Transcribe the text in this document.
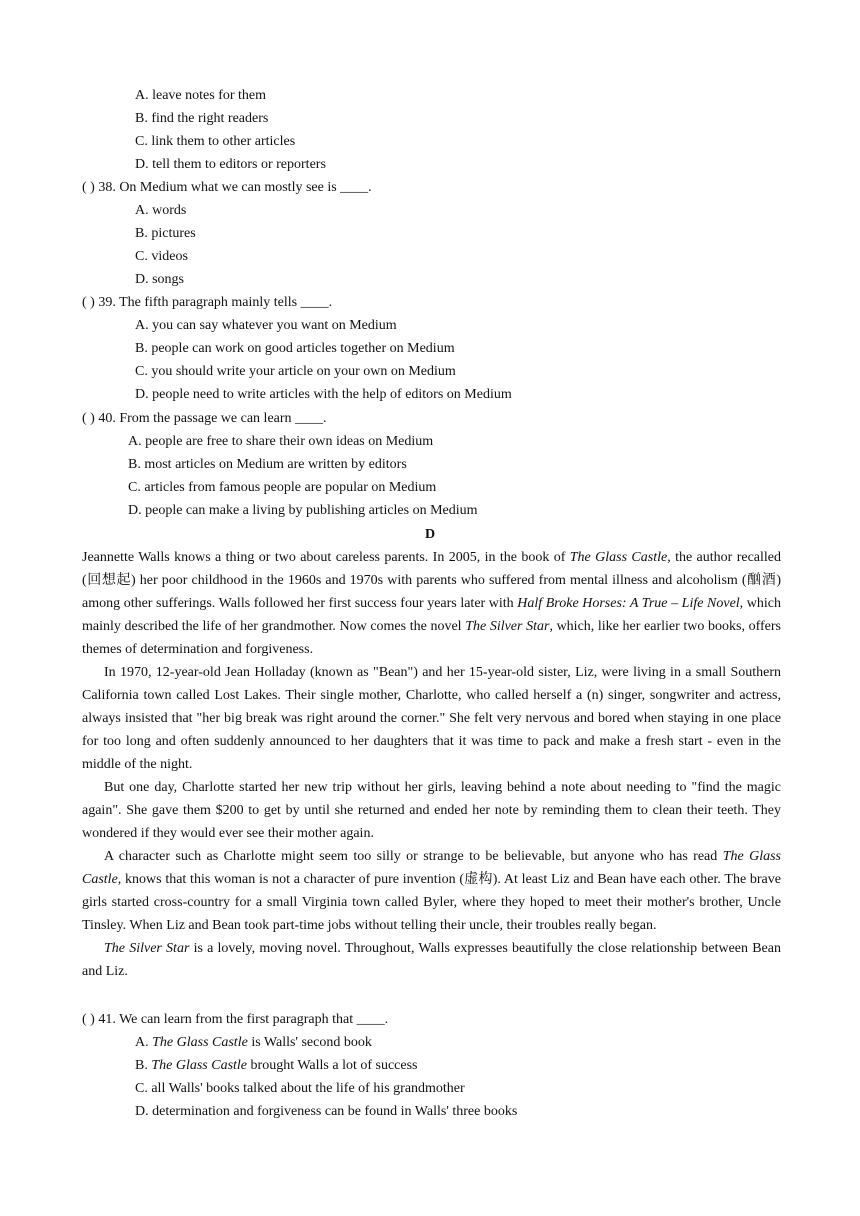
A. leave notes for them
B. find the right readers
C. link them to other articles
D. tell them to editors or reporters
( ) 38. On Medium what we can mostly see is ____.
A. words
B. pictures
C. videos
D. songs
( ) 39. The fifth paragraph mainly tells ____.
A. you can say whatever you want on Medium
B. people can work on good articles together on Medium
C. you should write your article on your own on Medium
D. people need to write articles with the help of editors on Medium
( ) 40. From the passage we can learn ____.
A. people are free to share their own ideas on Medium
B. most articles on Medium are written by editors
C. articles from famous people are popular on Medium
D. people can make a living by publishing articles on Medium
D

Jeannette Walls knows a thing or two about careless parents. In 2005, in the book of The Glass Castle, the author recalled (回想起) her poor childhood in the 1960s and 1970s with parents who suffered from mental illness and alcoholism (酗酒) among other sufferings. Walls followed her first success four years later with Half Broke Horses: A True – Life Novel, which mainly described the life of her grandmother. Now comes the novel The Silver Star, which, like her earlier two books, offers themes of determination and forgiveness.

In 1970, 12-year-old Jean Holladay (known as "Bean") and her 15-year-old sister, Liz, were living in a small Southern California town called Lost Lakes. Their single mother, Charlotte, who called herself a (n) singer, songwriter and actress, always insisted that "her big break was right around the corner." She felt very nervous and bored when staying in one place for too long and often suddenly announced to her daughters that it was time to pack and make a fresh start - even in the middle of the night.

But one day, Charlotte started her new trip without her girls, leaving behind a note about needing to "find the magic again". She gave them $200 to get by until she returned and ended her note by reminding them to clean their teeth. They wondered if they would ever see their mother again.

A character such as Charlotte might seem too silly or strange to be believable, but anyone who has read The Glass Castle, knows that this woman is not a character of pure invention (虚构). At least Liz and Bean have each other. The brave girls started cross-country for a small Virginia town called Byler, where they hoped to meet their mother's brother, Uncle Tinsley. When Liz and Bean took part-time jobs without telling their uncle, their troubles really began.

The Silver Star is a lovely, moving novel. Throughout, Walls expresses beautifully the close relationship between Bean and Liz.

( ) 41. We can learn from the first paragraph that ____.
A. The Glass Castle is Walls' second book
B. The Glass Castle brought Walls a lot of success
C. all Walls' books talked about the life of his grandmother
D. determination and forgiveness can be found in Walls' three books
